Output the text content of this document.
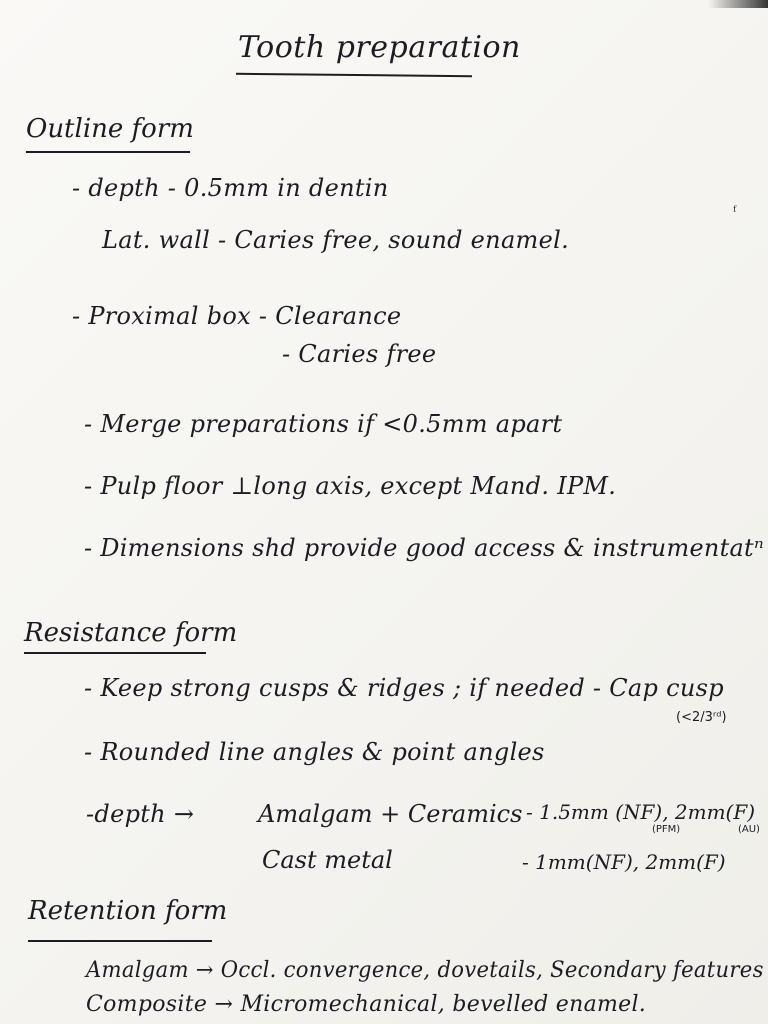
Tooth preparation
ᶠ
Outline form
- depth - 0.5mm in dentin
Lat. wall - Caries free, sound enamel.
- Proximal box - Clearance
- Caries free
- Merge preparations if <0.5mm apart
- Pulp floor ⊥long axis, except Mand. IPM.
- Dimensions shd provide good access & instrumentatⁿ
Resistance form
- Keep strong cusps & ridges ; if needed - Cap cusp
(<2/3ʳᵈ)
- Rounded line angles & point angles
-depth →	Amalgam + Ceramics - 1.5mm (NF), 2mm(F)
(PFM)	(AU)
Cast metal	- 1mm(NF), 2mm(F)
Retention form
Amalgam → Occl. convergence, dovetails, Secondary features
Composite → Micromechanical, bevelled enamel.
